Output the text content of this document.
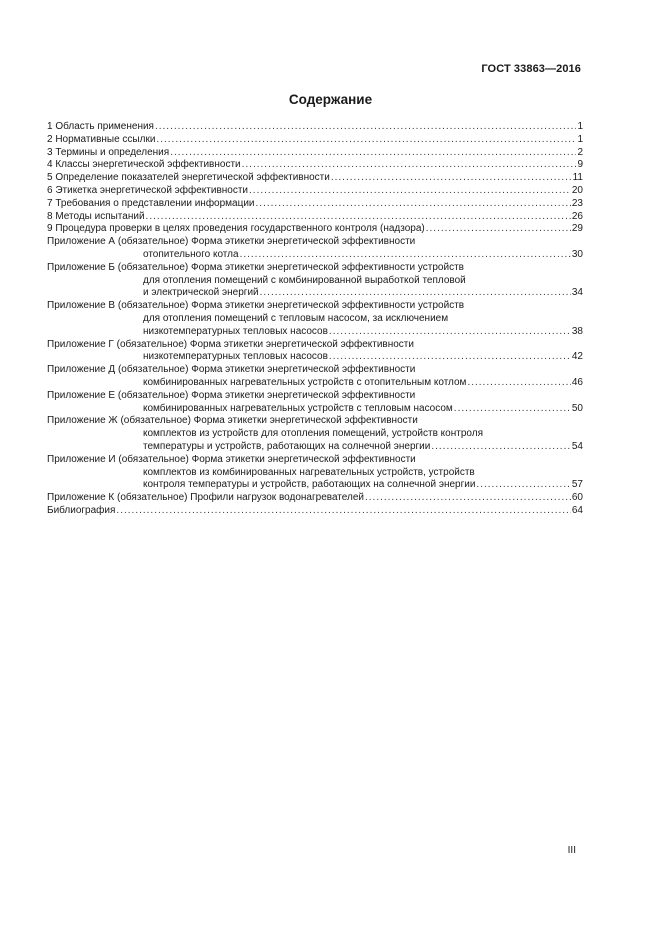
ГОСТ 33863—2016
Содержание
1 Область применения .....	1
2 Нормативные ссылки .....	1
3 Термины и определения .....	2
4 Классы энергетической эффективности .....	9
5 Определение показателей энергетической эффективности .....	11
6 Этикетка энергетической эффективности .....	20
7 Требования о представлении информации .....	23
8 Методы испытаний .....	26
9 Процедура проверки в целях проведения государственного контроля (надзора) .....	29
Приложение А (обязательное) Форма этикетки энергетической эффективности
отопительного котла .....	30
Приложение Б (обязательное) Форма этикетки энергетической эффективности устройств
для отопления помещений с комбинированной выработкой тепловой
и электрической энергий .....	34
Приложение В (обязательное) Форма этикетки энергетической эффективности устройств
для отопления помещений с тепловым насосом, за исключением
низкотемпературных тепловых насосов .....	38
Приложение Г (обязательное) Форма этикетки энергетической эффективности
низкотемпературных тепловых насосов .....	42
Приложение Д (обязательное) Форма этикетки энергетической эффективности
комбинированных нагревательных устройств с отопительным котлом .....	46
Приложение Е (обязательное) Форма этикетки энергетической эффективности
комбинированных нагревательных устройств с тепловым насосом .....	50
Приложение Ж (обязательное) Форма этикетки энергетической эффективности
комплектов из устройств для отопления помещений, устройств контроля
температуры и устройств, работающих на солнечной энергии .....	54
Приложение И (обязательное) Форма этикетки энергетической эффективности
комплектов из комбинированных нагревательных устройств, устройств
контроля температуры и устройств, работающих на солнечной энергии .....	57
Приложение К (обязательное) Профили нагрузок водонагревателей .....	60
Библиография .....	64
III
